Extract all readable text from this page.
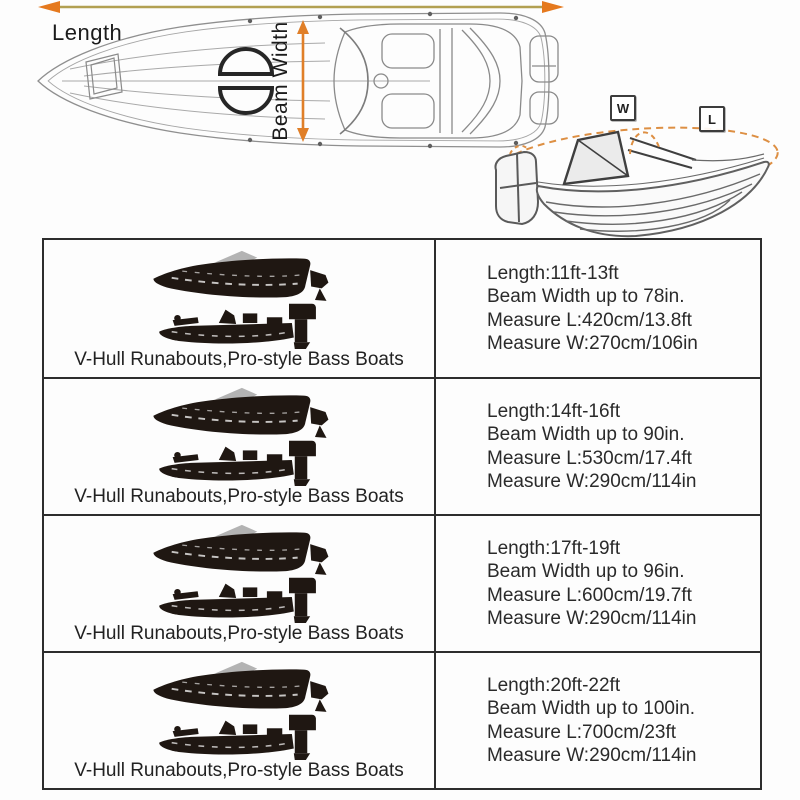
Length	Beam Width	W
L
V-Hull Runabouts,Pro-style Bass Boats
Length:11ft-13ft
Beam Width up to 78in.
Measure L:420cm/13.8ft
Measure W:270cm/106in
V-Hull Runabouts,Pro-style Bass Boats
Length:14ft-16ft
Beam Width up to 90in.
Measure L:530cm/17.4ft
Measure W:290cm/114in
V-Hull Runabouts,Pro-style Bass Boats
Length:17ft-19ft
Beam Width up to 96in.
Measure L:600cm/19.7ft
Measure W:290cm/114in
V-Hull Runabouts,Pro-style Bass Boats
Length:20ft-22ft
Beam Width up to 100in.
Measure L:700cm/23ft
Measure W:290cm/114in
